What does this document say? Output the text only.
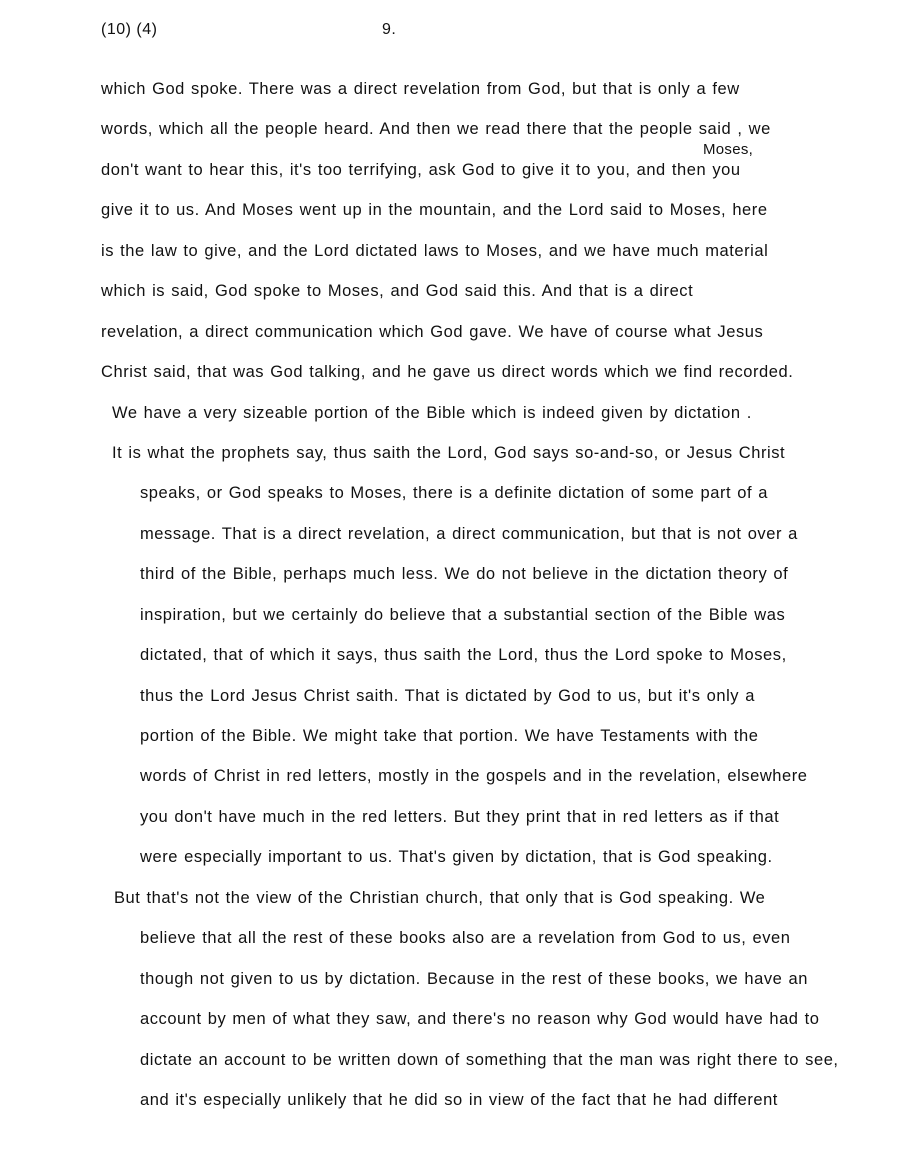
(10) (4)	9.
Moses,
which God spoke. There was a direct revelation from God, but that is only a few
words, which all the people heard. And then we read there that the people said , we
don't want to hear this, it's too terrifying, ask God to give it to you, and then you
give it to us. And Moses went up in the mountain, and the Lord said to Moses, here
is the law to give, and the Lord dictated laws to Moses, and we have much material
which is said, God spoke to Moses, and God said this. And that is a direct
revelation, a direct communication which God gave. We have of course what Jesus
Christ said, that was God talking, and he gave us direct words which we find recorded.
We have a very sizeable portion of the Bible which is indeed given by dictation .
It is what the prophets say, thus saith the Lord, God says so-and-so, or Jesus Christ
speaks, or God speaks to Moses, there is a definite dictation of some part of a
message. That is a direct revelation, a direct communication, but that is not over a
third of the Bible, perhaps much less. We do not believe in the dictation theory of
inspiration, but we certainly do believe that a substantial section of the Bible was
dictated, that of which it says, thus saith the Lord, thus the Lord spoke to Moses,
thus the Lord Jesus Christ saith. That is dictated by God to us, but it's only a
portion of the Bible. We might take that portion. We have Testaments with the
words of Christ in red letters, mostly in the gospels and in the revelation, elsewhere
you don't have much in the red letters. But they print that in red letters as if that
were especially important to us. That's given by dictation, that is God speaking.
But that's not the view of the Christian church, that only that is God speaking. We
believe that all the rest of these books also are a revelation from God to us, even
though not given to us by dictation. Because in the rest of these books, we have an
account by men of what they saw, and there's no reason why God would have had to
dictate an account to be written down of something that the man was right there to see,
and it's especially unlikely that he did so in view of the fact that he had different
